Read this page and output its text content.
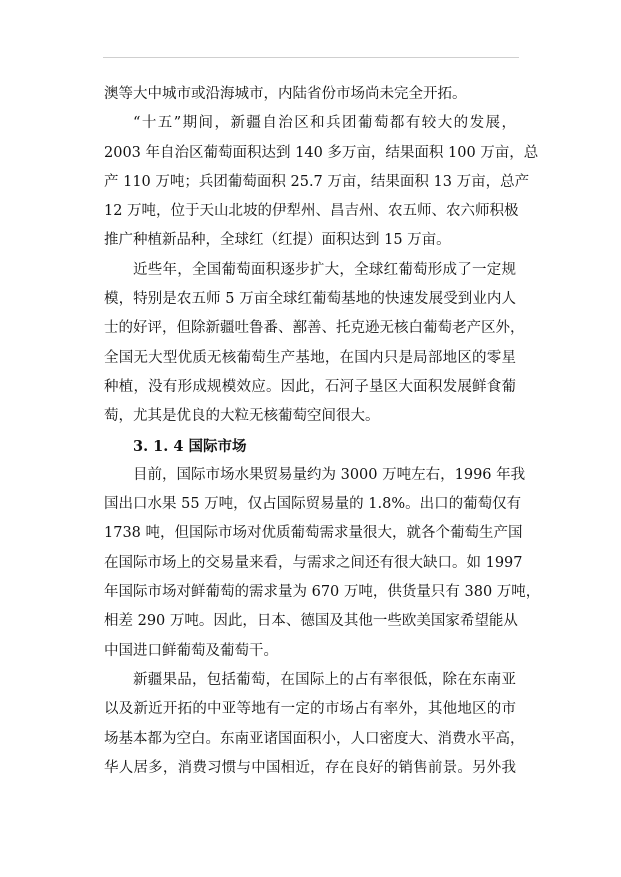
澳等大中城市或沿海城市，内陆省份市场尚未完全开拓。
“十五”期间，新疆自治区和兵团葡萄都有较大的发展，
2003 年自治区葡萄面积达到 140 多万亩，结果面积 100 万亩，总
产 110 万吨；兵团葡萄面积 25.7 万亩，结果面积 13 万亩，总产
12 万吨，位于天山北坡的伊犁州、昌吉州、农五师、农六师积极
推广种植新品种，全球红（红提）面积达到 15 万亩。
近些年，全国葡萄面积逐步扩大，全球红葡萄形成了一定规
模，特别是农五师 5 万亩全球红葡萄基地的快速发展受到业内人
士的好评，但除新疆吐鲁番、鄯善、托克逊无核白葡萄老产区外，
全国无大型优质无核葡萄生产基地，在国内只是局部地区的零星
种植，没有形成规模效应。因此，石河子垦区大面积发展鲜食葡
萄，尤其是优良的大粒无核葡萄空间很大。
3. 1. 4 国际市场
目前，国际市场水果贸易量约为 3000 万吨左右，1996 年我
国出口水果 55 万吨，仅占国际贸易量的 1.8%。出口的葡萄仅有
1738 吨，但国际市场对优质葡萄需求量很大，就各个葡萄生产国
在国际市场上的交易量来看，与需求之间还有很大缺口。如 1997
年国际市场对鲜葡萄的需求量为 670 万吨，供货量只有 380 万吨，
相差 290 万吨。因此，日本、德国及其他一些欧美国家希望能从
中国进口鲜葡萄及葡萄干。
新疆果品，包括葡萄，在国际上的占有率很低，除在东南亚
以及新近开拓的中亚等地有一定的市场占有率外，其他地区的市
场基本都为空白。东南亚诸国面积小，人口密度大、消费水平高，
华人居多，消费习惯与中国相近，存在良好的销售前景。另外我
